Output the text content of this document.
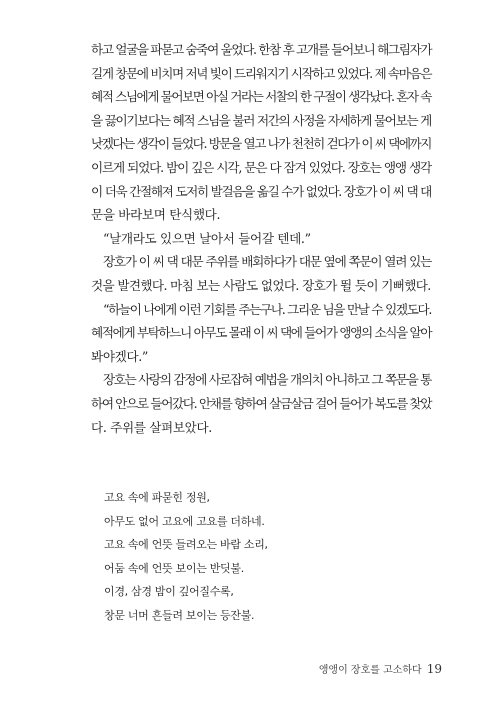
하고 얼굴을 파묻고 숨죽여 울었다. 한참 후 고개를 들어보니 해그림자가
길게 창문에 비치며 저녁 빛이 드리워지기 시작하고 있었다. 제 속마음은
혜적 스님에게 물어보면 아실 거라는 서찰의 한 구절이 생각났다. 혼자 속
을 끓이기보다는 혜적 스님을 불러 저간의 사정을 자세하게 물어보는 게
낫겠다는 생각이 들었다. 방문을 열고 나가 천천히 걷다가 이 씨 댁에까지
이르게 되었다. 밤이 깊은 시각, 문은 다 잠겨 있었다. 장호는 앵앵 생각
이 더욱 간절해져 도저히 발걸음을 옮길 수가 없었다. 장호가 이 씨 댁 대
문을 바라보며 탄식했다.
“날개라도 있으면 날아서 들어갈 텐데.”
장호가 이 씨 댁 대문 주위를 배회하다가 대문 옆에 쪽문이 열려 있는
것을 발견했다. 마침 보는 사람도 없었다. 장호가 뛸 듯이 기뻐했다.
“하늘이 나에게 이런 기회를 주는구나. 그리운 님을 만날 수 있겠도다.
혜적에게 부탁하느니 아무도 몰래 이 씨 댁에 들어가 앵앵의 소식을 알아
봐야겠다.”
장호는 사랑의 감정에 사로잡혀 예법을 개의치 아니하고 그 쪽문을 통
하여 안으로 들어갔다. 안채를 향하여 살금살금 걸어 들어가 복도를 찾았
다. 주위를 살펴보았다.
고요 속에 파묻힌 정원,
아무도 없어 고요에 고요를 더하네.
고요 속에 언뜻 들려오는 바람 소리,
어둠 속에 언뜻 보이는 반딧불.
이경, 삼경 밤이 깊어질수록,
창문 너머 흔들려 보이는 등잔불.
앵앵이 장호를 고소하다 19
